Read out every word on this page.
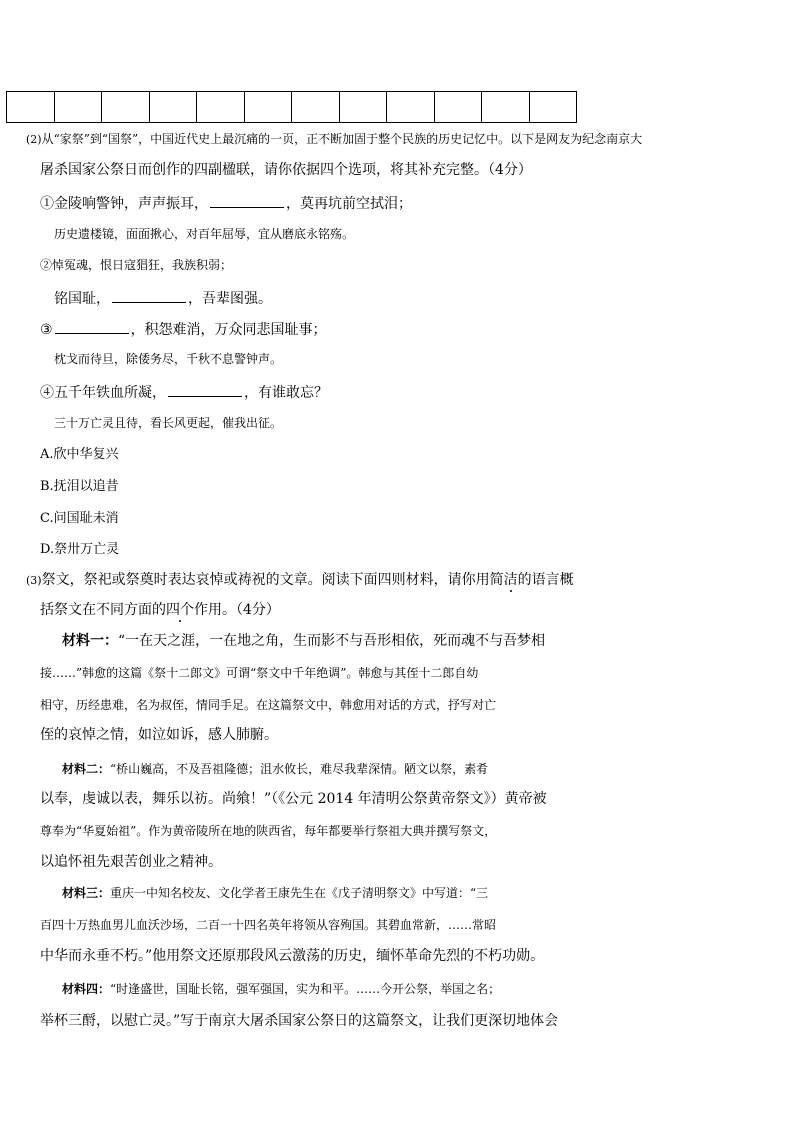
(2)从“家祭”到“国祭”，中国近代史上最沉痛的一页，正不断加固于整个民族的历史记忆中。以下是网友为纪念南京大
屠杀国家公祭日而创作的四副楹联，请你依据四个选项，将其补充完整。（4分）
①金陵响警钟，声声振耳，	，莫再坑前空拭泪；
历史遗楼镜，面面揪心，对百年屈辱，宜从磨底永铭殇。
②悼冤魂，恨日寇猖狂，我族积弱；
铭国耻，	，吾辈图强。
③	，积怨难消，万众同悲国耻事；
枕戈而待旦，除倭务尽，千秋不息警钟声。
④五千年铁血所凝，	，有谁敢忘？
三十万亡灵且待，看长风更起，催我出征。
A.欣中华复兴
B.抚泪以追昔
C.问国耻未消
D.祭卅万亡灵
(3)祭文，祭祀或祭奠时表达哀悼或祷祝的文章。阅读下面四则材料，请你用简洁的语言概
括祭文在不同方面的四个作用。（4分）
材料一：“一在天之涯，一在地之角，生而影不与吾形相依，死而魂不与吾梦相
接……”韩愈的这篇《祭十二郎文》可谓“祭文中千年绝调”。韩愈与其侄十二郎自幼
相守，历经患难，名为叔侄，情同手足。在这篇祭文中，韩愈用对话的方式，抒写对亡
侄的哀悼之情，如泣如诉，感人肺腑。
材料二：“桥山巍高，不及吾祖隆德；沮水攸长，难尽我辈深情。陋文以祭，素肴
以奉，虔诚以表，舞乐以祊。尚飨！”（《公元 2014 年清明公祭黄帝祭文》）黄帝被
尊奉为“华夏始祖”。作为黄帝陵所在地的陕西省，每年都要举行祭祖大典并撰写祭文，
以追怀祖先艰苦创业之精神。
材料三：重庆一中知名校友、文化学者王康先生在《戊子清明祭文》中写道：“三
百四十万热血男儿血沃沙场，二百一十四名英年将领从容殉国。其碧血常新，……常昭
中华而永垂不朽。”他用祭文还原那段风云激荡的历史，缅怀革命先烈的不朽功勋。
材料四：“时逢盛世，国耻长铭，强军强国，实为和平。……今开公祭，举国之名；
举杯三酹，以慰亡灵。”写于南京大屠杀国家公祭日的这篇祭文，让我们更深切地体会
